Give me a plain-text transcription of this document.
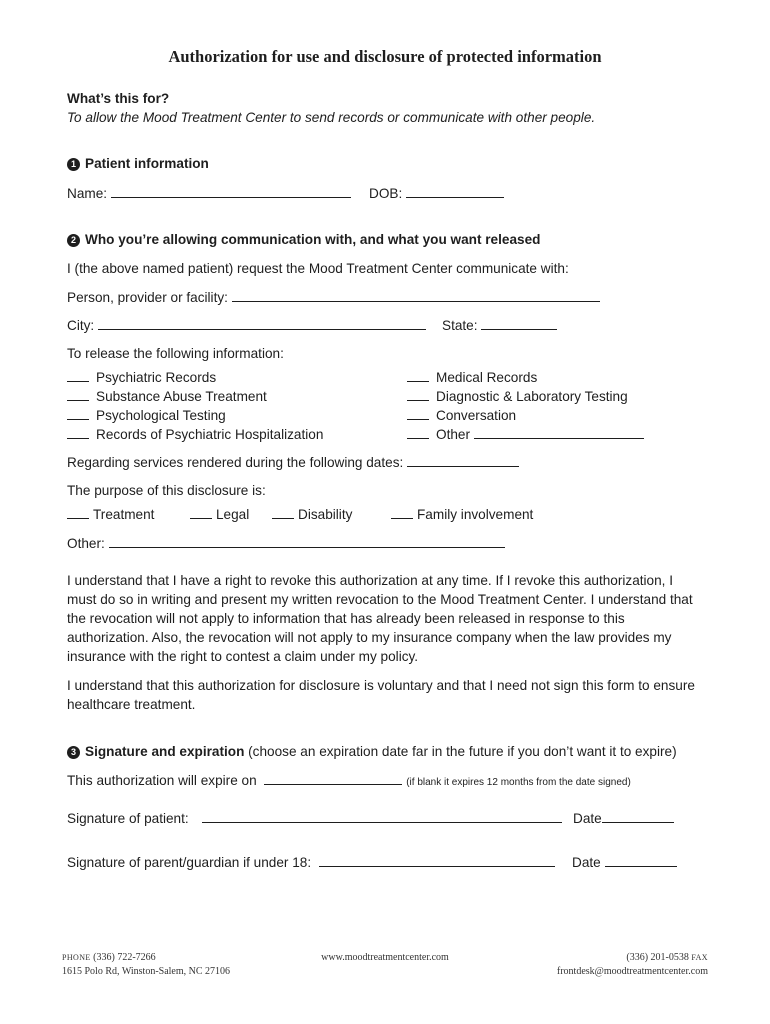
Authorization for use and disclosure of protected information
What’s this for?
To allow the Mood Treatment Center to send records or communicate with other people.
1 Patient information
Name:	DOB:
2 Who you’re allowing communication with, and what you want released
I (the above named patient) request the Mood Treatment Center communicate with:
Person, provider or facility:
City:	State:
To release the following information:
Psychiatric Records
Substance Abuse Treatment
Psychological Testing
Records of Psychiatric Hospitalization
Medical Records
Diagnostic & Laboratory Testing
Conversation
Other
Regarding services rendered during the following dates:
The purpose of this disclosure is:
Treatment	Legal	Disability	Family involvement
Other:
I understand that I have a right to revoke this authorization at any time. If I revoke this authorization, I must do so in writing and present my written revocation to the Mood Treatment Center. I understand that the revocation will not apply to information that has already been released in response to this authorization. Also, the revocation will not apply to my insurance company when the law provides my insurance with the right to contest a claim under my policy.
I understand that this authorization for disclosure is voluntary and that I need not sign this form to ensure healthcare treatment.
3 Signature and expiration (choose an expiration date far in the future if you don’t want it to expire)
This authorization will expire on	(if blank it expires 12 months from the date signed)
Signature of patient:	Date
Signature of parent/guardian if under 18:	Date
PHONE (336) 722-7266
1615 Polo Rd, Winston-Salem, NC 27106
www.moodtreatmentcenter.com	(336) 201-0538 FAX
frontdesk@moodtreatmentcenter.com
